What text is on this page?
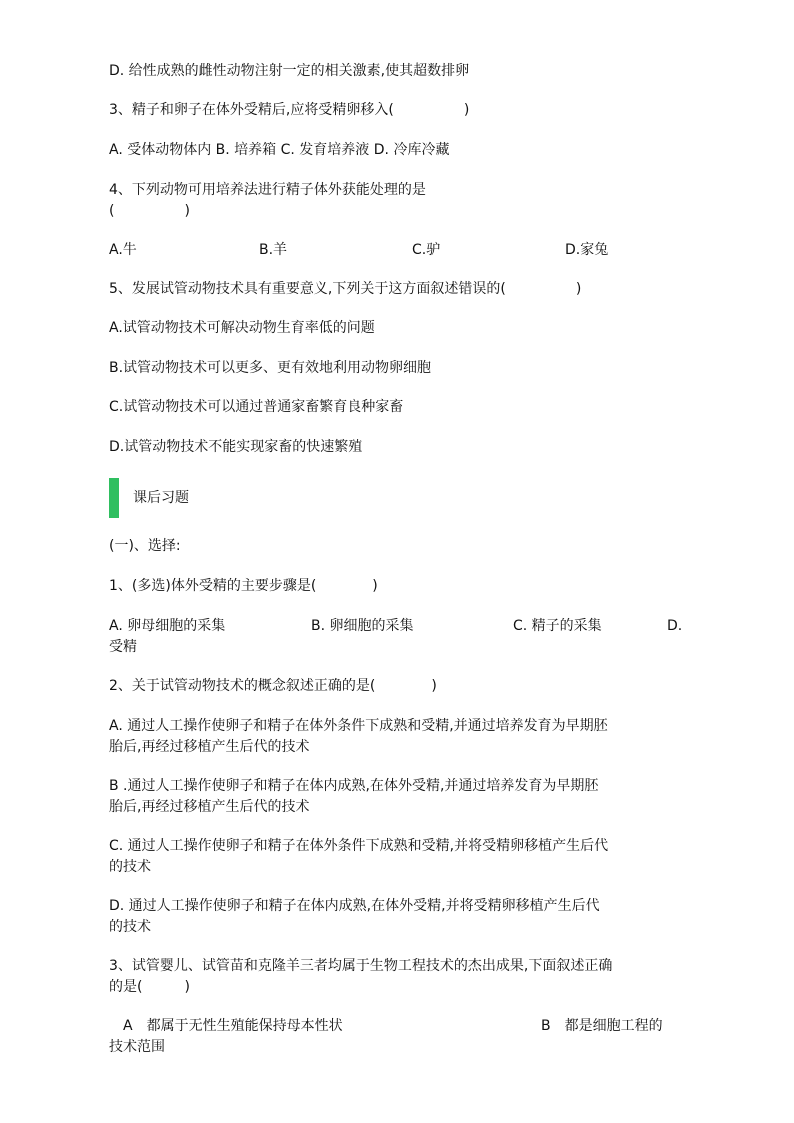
D. 给性成熟的雌性动物注射一定的相关激素,使其超数排卵
3、精子和卵子在体外受精后,应将受精卵移入(　　　　　)
A. 受体动物体内 B. 培养箱 C. 发育培养液 D. 冷库冷藏
4、下列动物可用培养法进行精子体外获能处理的是
(　　　　　)
A.牛	B.羊	C.驴	D.家兔
5、发展试管动物技术具有重要意义,下列关于这方面叙述错误的(　　　　　)
A.试管动物技术可解决动物生育率低的问题
B.试管动物技术可以更多、更有效地利用动物卵细胞
C.试管动物技术可以通过普通家畜繁育良种家畜
D.试管动物技术不能实现家畜的快速繁殖
课后习题
(一)、选择:
1、(多选)体外受精的主要步骤是(　　　　)
A. 卵母细胞的采集	B. 卵细胞的采集	C. 精子的采集	D.
受精
2、关于试管动物技术的概念叙述正确的是(　　　　)
A. 通过人工操作使卵子和精子在体外条件下成熟和受精,并通过培养发育为早期胚
胎后,再经过移植产生后代的技术
B .通过人工操作使卵子和精子在体内成熟,在体外受精,并通过培养发育为早期胚
胎后,再经过移植产生后代的技术
C. 通过人工操作使卵子和精子在体外条件下成熟和受精,并将受精卵移植产生后代
的技术
D. 通过人工操作使卵子和精子在体内成熟,在体外受精,并将受精卵移植产生后代
的技术
3、试管婴儿、试管苗和克隆羊三者均属于生物工程技术的杰出成果,下面叙述正确
的是(　　　)
A　都属于无性生殖能保持母本性状	B　都是细胞工程的
技术范围
